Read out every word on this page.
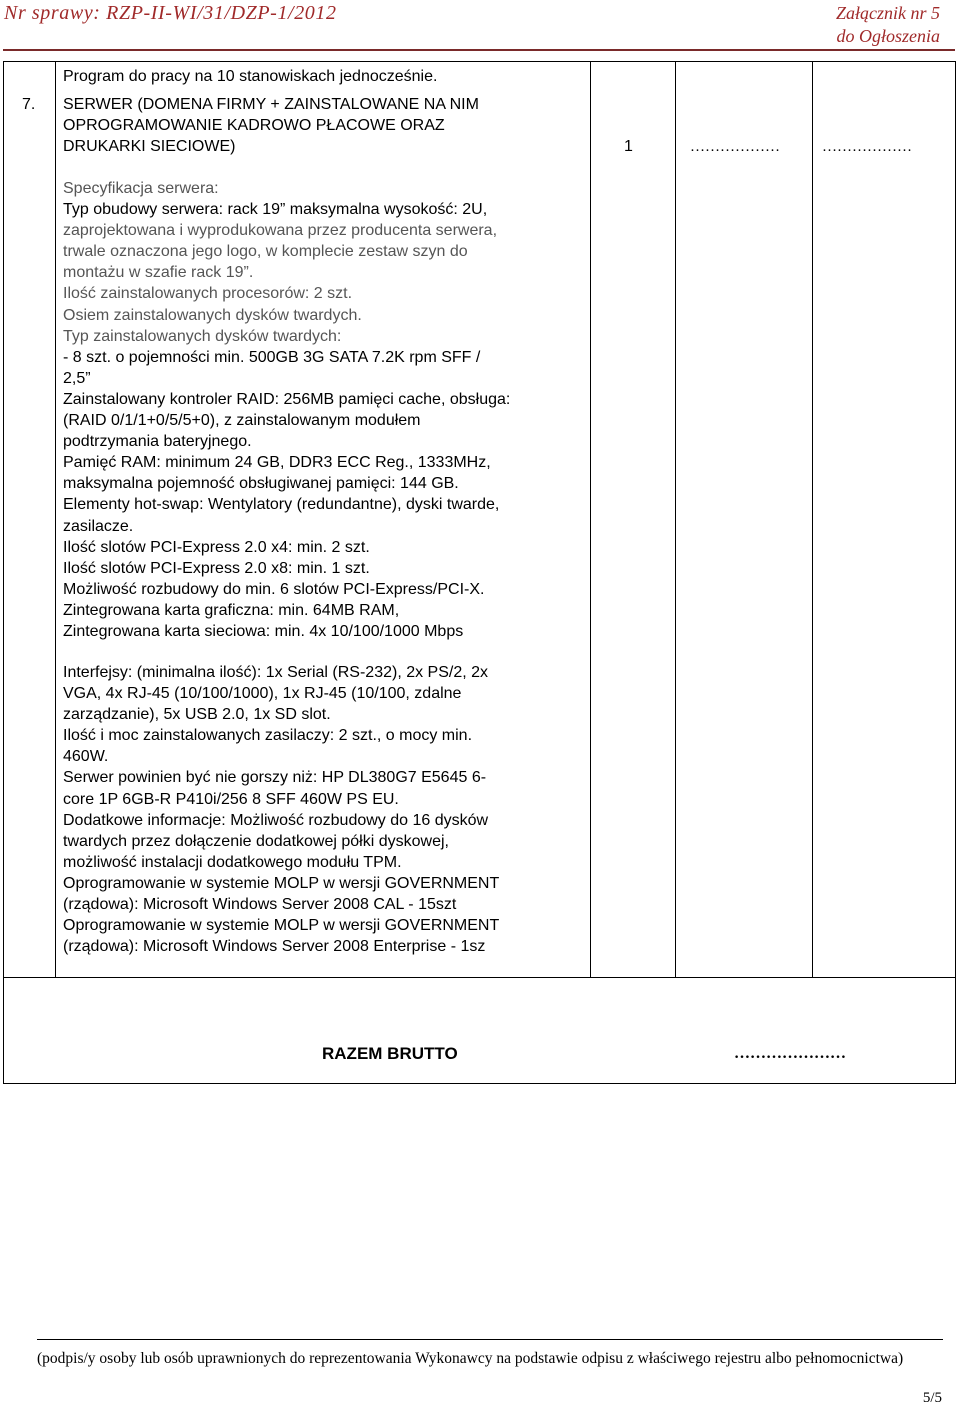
Nr sprawy: RZP-II-WI/31/DZP-1/2012	Załącznik nr 5
do Ogłoszenia
Program do pracy na 10 stanowiskach jednocześnie.
7. SERWER (DOMENA FIRMY + ZAINSTALOWANE NA NIM
OPROGRAMOWANIE KADROWO PŁACOWE ORAZ
DRUKARKI SIECIOWE)	1	………………	………………
Specyfikacja serwera:
Typ obudowy serwera: rack 19” maksymalna wysokość: 2U,
zaprojektowana i wyprodukowana przez producenta serwera,
trwale oznaczona jego logo, w komplecie zestaw szyn do
montażu w szafie rack 19”.
Ilość zainstalowanych procesorów: 2 szt.
Osiem zainstalowanych dysków twardych.
Typ zainstalowanych dysków twardych:
- 8 szt. o pojemności min. 500GB 3G SATA 7.2K rpm SFF /
2,5”
Zainstalowany kontroler RAID: 256MB pamięci cache, obsługa:
(RAID 0/1/1+0/5/5+0), z zainstalowanym modułem
podtrzymania bateryjnego.
Pamięć RAM: minimum 24 GB, DDR3 ECC Reg., 1333MHz,
maksymalna pojemność obsługiwanej pamięci: 144 GB.
Elementy hot-swap: Wentylatory (redundantne), dyski twarde,
zasilacze.
Ilość slotów PCI-Express 2.0 x4: min. 2 szt.
Ilość slotów PCI-Express 2.0 x8: min. 1 szt.
Możliwość rozbudowy do min. 6 slotów PCI-Express/PCI-X.
Zintegrowana karta graficzna: min. 64MB RAM,
Zintegrowana karta sieciowa: min. 4x 10/100/1000 Mbps
Interfejsy: (minimalna ilość): 1x Serial (RS-232), 2x PS/2, 2x
VGA, 4x RJ-45 (10/100/1000), 1x RJ-45 (10/100, zdalne
zarządzanie), 5x USB 2.0, 1x SD slot.
Ilość i moc zainstalowanych zasilaczy: 2 szt., o mocy min.
460W.
Serwer powinien być nie gorszy niż: HP DL380G7 E5645 6-
core 1P 6GB-R P410i/256 8 SFF 460W PS EU.
Dodatkowe informacje: Możliwość rozbudowy do 16 dysków
twardych przez dołączenie dodatkowej półki dyskowej,
możliwość instalacji dodatkowego modułu TPM.
Oprogramowanie w systemie MOLP w wersji GOVERNMENT
(rządowa): Microsoft Windows Server 2008 CAL - 15szt
Oprogramowanie w systemie MOLP w wersji GOVERNMENT
(rządowa): Microsoft Windows Server 2008 Enterprise - 1sz
RAZEM BRUTTO	…………………
(podpis/y osoby lub osób uprawnionych do reprezentowania Wykonawcy na podstawie odpisu z właściwego rejestru albo pełnomocnictwa)
5/5
